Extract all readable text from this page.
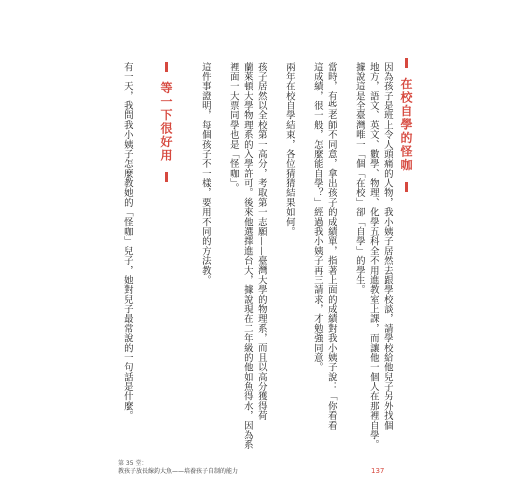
在校自學的怪咖
因為孩子是班上令人頭痛的人物，我小姨子居然去跟學校談，請學校給他兒子另外找個
地方，語文、英文、數學、物理、化學五科全不用進教室上課，而讓他一個人在那裡自學。
據說這是全臺灣唯一「個「在校」卻「自學」的學生。
當時，有些老師不同意，拿出孩子的成績單，指著上面的成績對我小姨子說：「你看看
這成績，很一般，怎麼能自學？」經過我小姨子再三請求，才勉強同意。
兩年在校自學結束，各位猜猜結果如何。
孩子居然以全校第一高分，考取第一志願——臺灣大學的物理系，而且以高分獲得荷
蘭萊頓大學物理系的入學許可。後來他選擇進台大，據說現在二年級的他如魚得水，因為系
裡面一大票同學也是「怪咖」。
這件事證明，每個孩子不一樣，要用不同的方法教。
等一下很好用
有一天，我問我小姨子怎麼教她的「怪咖」兒子，她對兒子最常說的一句話是什麼。
第 35 堂：
教孩子放長線釣大魚——培養孩子自制的能力	137
